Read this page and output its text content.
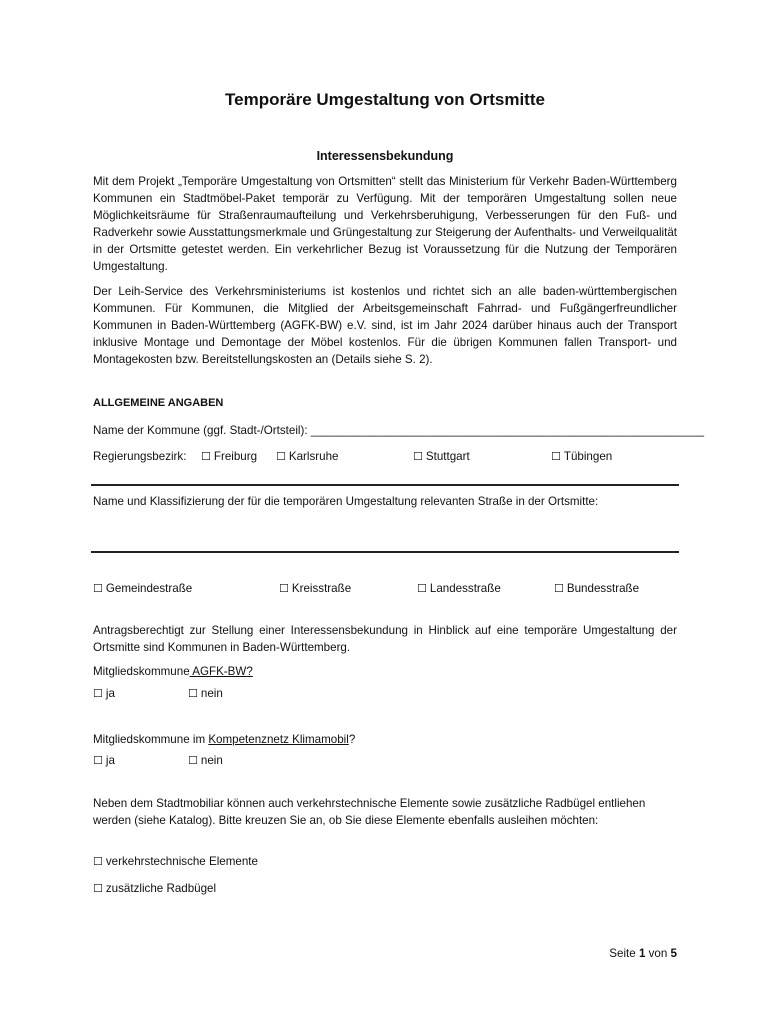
Temporäre Umgestaltung von Ortsmitte
Interessensbekundung

Mit dem Projekt „Temporäre Umgestaltung von Ortsmitten“ stellt das Ministerium für Verkehr Baden-Württemberg Kommunen ein Stadtmöbel-Paket temporär zu Verfügung. Mit der temporären Umgestaltung sollen neue Möglichkeitsräume für Straßenraumaufteilung und Verkehrsberuhigung, Verbesserungen für den Fuß- und Radverkehr sowie Ausstattungsmerkmale und Grüngestaltung zur Steigerung der Aufenthalts- und Verweilqualität in der Ortsmitte getestet werden. Ein verkehrlicher Bezug ist Voraussetzung für die Nutzung der Temporären Umgestaltung.

Der Leih-Service des Verkehrsministeriums ist kostenlos und richtet sich an alle baden-württembergischen Kommunen. Für Kommunen, die Mitglied der Arbeitsgemeinschaft Fahrrad- und Fußgängerfreundlicher Kommunen in Baden-Württemberg (AGFK-BW) e.V. sind, ist im Jahr 2024 darüber hinaus auch der Transport inklusive Montage und Demontage der Möbel kostenlos. Für die übrigen Kommunen fallen Transport- und Montagekosten bzw. Bereitstellungskosten an (Details siehe S. 2).

ALLGEMEINE ANGABEN
Name der Kommune (ggf. Stadt-/Ortsteil): _____________________________________________________________
Regierungsbezirk: ☐ Freiburg ☐ Karlsruhe	☐ Stuttgart	☐ Tübingen
Name und Klassifizierung der für die temporären Umgestaltung relevanten Straße in der Ortsmitte:
☐ Gemeindestraße	☐ Kreisstraße	☐ Landesstraße	☐ Bundesstraße

Antragsberechtigt zur Stellung einer Interessensbekundung in Hinblick auf eine temporäre Umgestaltung der Ortsmitte sind Kommunen in Baden-Württemberg.

Mitgliedskommune AGFK-BW?
☐ ja	☐ nein
Mitgliedskommune im Kompetenznetz Klimamobil?
☐ ja	☐ nein

Neben dem Stadtmobiliar können auch verkehrstechnische Elemente sowie zusätzliche Radbügel entliehen werden (siehe Katalog). Bitte kreuzen Sie an, ob Sie diese Elemente ebenfalls ausleihen möchten:

☐ verkehrstechnische Elemente
☐ zusätzliche Radbügel
Seite 1 von 5
